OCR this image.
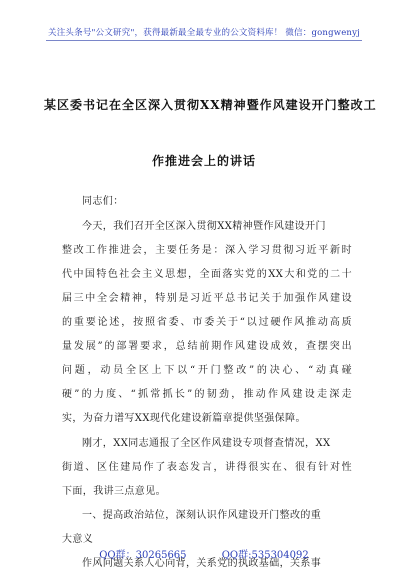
关注头条号"公文研究"，获得最新最全最专业的公文资料库！ 微信：gongwenyj
某区委书记在全区深入贯彻XX精神暨作风建设开门整改工
作推进会上的讲话
同志们：
今天，我们召开全区深入贯彻XX精神暨作风建设开门
整改工作推进会，主要任务是：深入学习贯彻习近平新时
代中国特色社会主义思想，全面落实党的XX大和党的二十
届三中全会精神，特别是习近平总书记关于加强作风建设
的重要论述，按照省委、市委关于“以过硬作风推动高质
量发展”的部署要求，总结前期作风建设成效，查摆突出
问题，动员全区上下以“开门整改”的决心、“动真碰
硬”的力度、“抓常抓长”的韧劲，推动作风建设走深走
实，为奋力谱写XX现代化建设新篇章提供坚强保障。
刚才，XX同志通报了全区作风建设专项督查情况，XX
街道、区住建局作了表态发言，讲得很实在、很有针对性
下面，我讲三点意见。
一、提高政治站位，深刻认识作风建设开门整改的重
大意义
作风问题关系人心向背，关系党的执政基础，关系事
QQ群：30265665	QQ群:535304092
